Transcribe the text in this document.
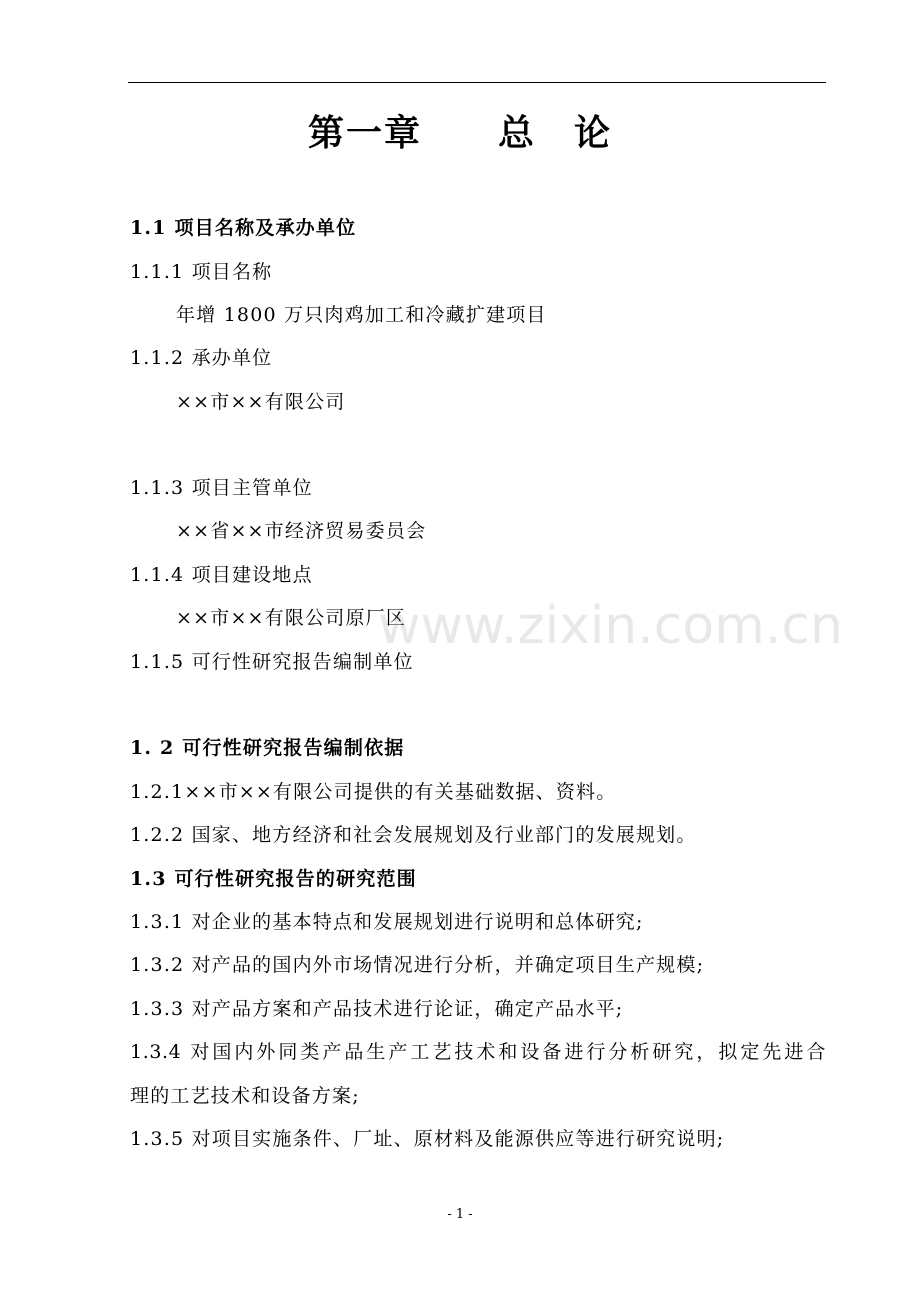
第一章　　总　论
1.1 项目名称及承办单位
1.1.1 项目名称
年增 1800 万只肉鸡加工和冷藏扩建项目
1.1.2 承办单位
××市××有限公司
1.1.3 项目主管单位
××省××市经济贸易委员会
1.1.4 项目建设地点
××市××有限公司原厂区
1.1.5 可行性研究报告编制单位
1. 2 可行性研究报告编制依据
1.2.1××市××有限公司提供的有关基础数据、资料。
1.2.2 国家、地方经济和社会发展规划及行业部门的发展规划。
1.3 可行性研究报告的研究范围
1.3.1 对企业的基本特点和发展规划进行说明和总体研究;
1.3.2 对产品的国内外市场情况进行分析，并确定项目生产规模;
1.3.3 对产品方案和产品技术进行论证，确定产品水平;
1.3.4 对国内外同类产品生产工艺技术和设备进行分析研究，拟定先进合
理的工艺技术和设备方案;
1.3.5 对项目实施条件、厂址、原材料及能源供应等进行研究说明;
www.zixin.com.cn
- 1 -
